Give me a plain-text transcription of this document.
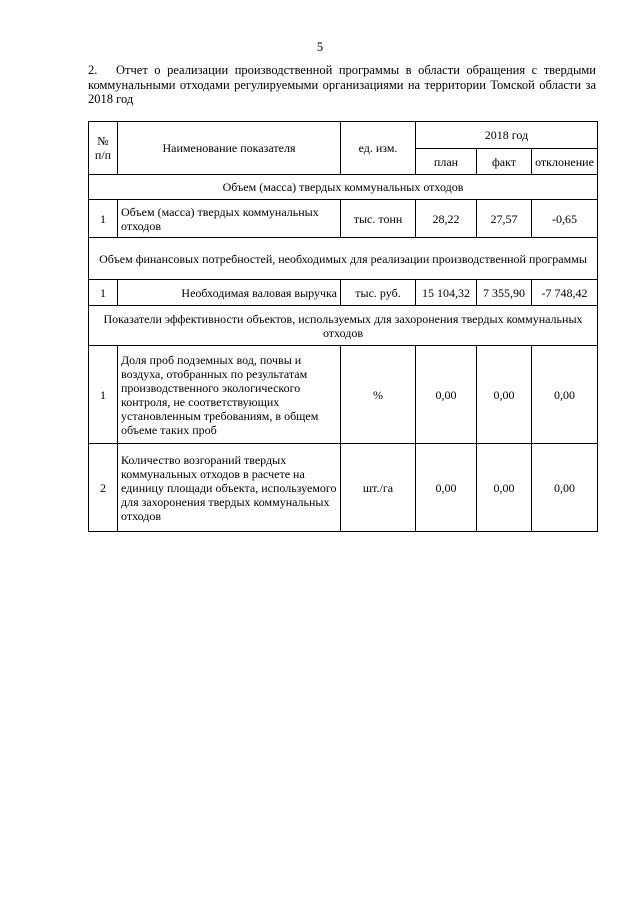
5
2. Отчет о реализации производственной программы в области обращения с твердыми коммунальными отходами регулируемыми организациями на территории Томской области за 2018 год
№ п/п	Наименование показателя	ед. изм.	2018 год		
			план	факт	отклонение
Объем (масса) твердых коммунальных отходов					
1	Объем (масса) твердых коммунальных отходов	тыс. тонн	28,22	27,57	-0,65
Объем финансовых потребностей, необходимых для реализации производственной программы					
1	Необходимая валовая выручка	тыс. руб.	15 104,32	7 355,90	-7 748,42
Показатели эффективности объектов, используемых для захоронения твердых коммунальных отходов					
1	Доля проб подземных вод, почвы и воздуха, отобранных по результатам производственного экологического контроля, не соответствующих установленным требованиям, в общем объеме таких проб	%	0,00	0,00	0,00
2	Количество возгораний твердых коммунальных отходов в расчете на единицу площади объекта, используемого для захоронения твердых коммунальных отходов	шт./га	0,00	0,00	0,00
